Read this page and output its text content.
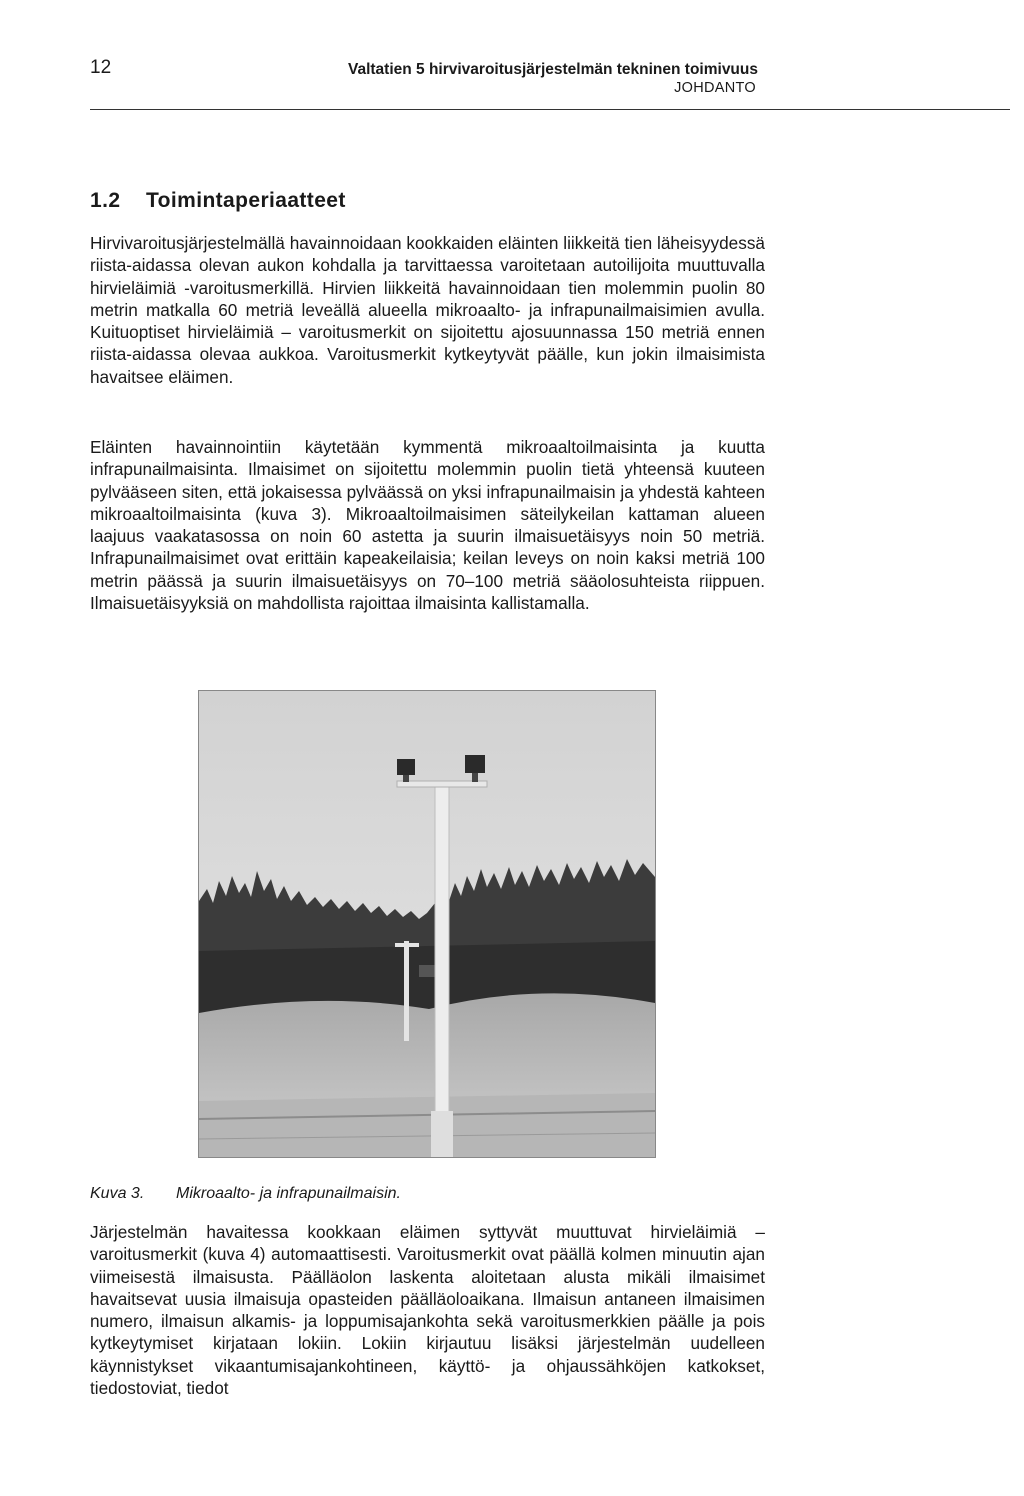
12	Valtatien 5 hirvivaroitusjärjestelmän tekninen toimivuus
JOHDANTO
1.2 Toimintaperiaatteet

Hirvivaroitusjärjestelmällä havainnoidaan kookkaiden eläinten liikkeitä tien läheisyydessä riista-aidassa olevan aukon kohdalla ja tarvittaessa varoitetaan autoilijoita muuttuvalla hirvieläimiä -varoitusmerkillä. Hirvien liikkeitä havainnoidaan tien molemmin puolin 80 metrin matkalla 60 metriä leveällä alueella mikroaalto- ja infrapunailmaisimien avulla. Kuituoptiset hirvieläimiä – varoitusmerkit on sijoitettu ajosuunnassa 150 metriä ennen riista-aidassa olevaa aukkoa. Varoitusmerkit kytkeytyvät päälle, kun jokin ilmaisimista havaitsee eläimen.

Eläinten havainnointiin käytetään kymmentä mikroaaltoilmaisinta ja kuutta infrapunailmaisinta. Ilmaisimet on sijoitettu molemmin puolin tietä yhteensä kuuteen pylvääseen siten, että jokaisessa pylväässä on yksi infrapunailmaisin ja yhdestä kahteen mikroaaltoilmaisinta (kuva 3). Mikroaaltoilmaisimen säteilykeilan kattaman alueen laajuus vaakatasossa on noin 60 astetta ja suurin ilmaisuetäisyys noin 50 metriä. Infrapunailmaisimet ovat erittäin kapeakeilaisia; keilan leveys on noin kaksi metriä 100 metrin päässä ja suurin ilmaisuetäisyys on 70–100 metriä sääolosuhteista riippuen. Ilmaisuetäisyyksiä on mahdollista rajoittaa ilmaisinta kallistamalla.

Kuva 3. Mikroaalto- ja infrapunailmaisin.

Järjestelmän havaitessa kookkaan eläimen syttyvät muuttuvat hirvieläimiä – varoitusmerkit (kuva 4) automaattisesti. Varoitusmerkit ovat päällä kolmen minuutin ajan viimeisestä ilmaisusta. Päälläolon laskenta aloitetaan alusta mikäli ilmaisimet havaitsevat uusia ilmaisuja opasteiden päälläoloaikana. Ilmaisun antaneen ilmaisimen numero, ilmaisun alkamis- ja loppumisajankohta sekä varoitusmerkkien päälle ja pois kytkeytymiset kirjataan lokiin. Lokiin kirjautuu lisäksi järjestelmän uudelleen käynnistykset vikaantumisajankohtineen, käyttö- ja ohjaussähköjen katkokset, tiedostoviat, tiedot
